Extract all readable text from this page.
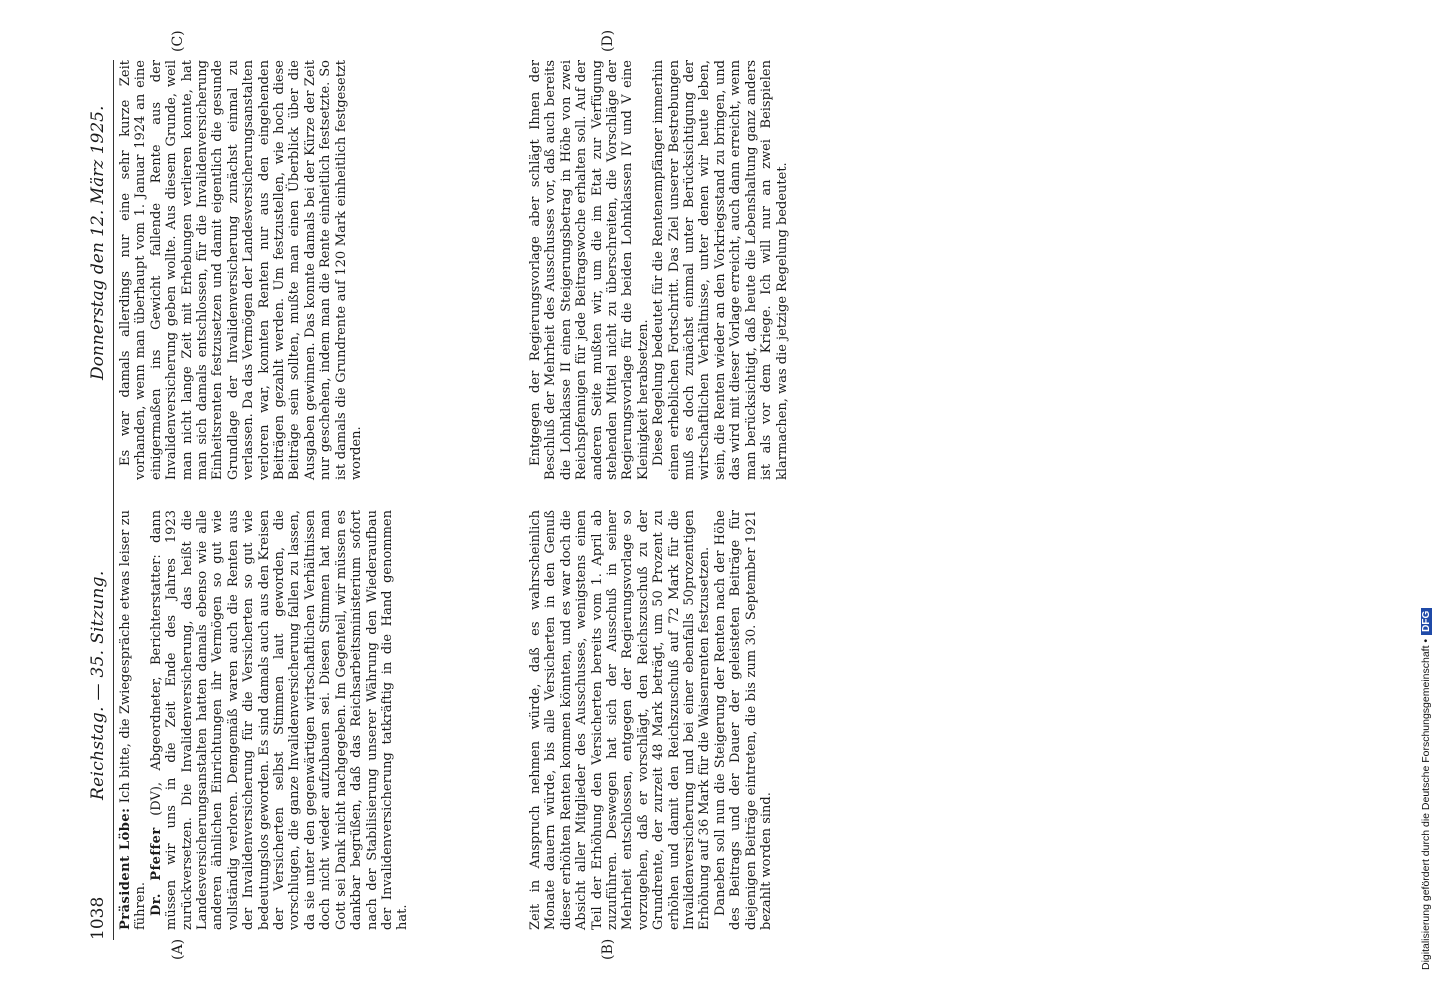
1038
Reichstag. — 35. Sitzung.
Donnerstag den 12. März 1925.
(A)	(B)
(C)	(D)

Präsident Löbe: Ich bitte, die Zwiegespräche etwas leiser zu führen. Dr. Pfeffer (DV), Abgeordneter, Berichterstatter: dann müssen wir uns in die Zeit Ende des Jahres 1923 zurückversetzen. Die Invalidenversicherung, das heißt die Landesversicherungsanstalten hatten damals ebenso wie alle anderen ähnlichen Einrichtungen ihr Vermögen so gut wie vollständig verloren. Demgemäß waren auch die Renten aus der Invalidenversicherung für die Versicherten so gut wie bedeutungslos geworden. Es sind damals auch aus den Kreisen der Versicherten selbst Stimmen laut geworden, die vorschlugen, die ganze Invalidenversicherung fallen zu lassen, da sie unter den gegenwärtigen wirtschaftlichen Verhältnissen doch nicht wieder aufzubauen sei. Diesen Stimmen hat man Gott sei Dank nicht nachgegeben. Im Gegenteil, wir müssen es dankbar begrüßen, daß das Reichsarbeitsministerium sofort nach der Stabilisierung unserer Währung den Wiederaufbau der Invalidenversicherung tatkräftig in die Hand genommen hat.

Es war damals allerdings nur eine sehr kurze Zeit vorhanden, wenn man überhaupt vom 1. Januar 1924 an eine einigermaßen ins Gewicht fallende Rente aus der Invalidenversicherung geben wollte. Aus diesem Grunde, weil man nicht lange Zeit mit Erhebungen verlieren konnte, hat man sich damals entschlossen, für die Invalidenversicherung Einheitsrenten festzusetzen und damit eigentlich die gesunde Grundlage der Invalidenversicherung zunächst einmal zu verlassen. Da das Vermögen der Landesversicherungsanstalten verloren war, konnten Renten nur aus den eingehenden Beiträgen gezahlt werden. Um festzustellen, wie hoch diese Beiträge sein sollten, mußte man einen Überblick über die Ausgaben gewinnen. Das konnte damals bei der Kürze der Zeit nur geschehen, indem man die Rente einheitlich festsetzte. So ist damals die Grundrente auf 120 Mark einheitlich festgesetzt worden.

Zeit in Anspruch nehmen würde, daß es wahrscheinlich Monate dauern würde, bis alle Versicherten in den Genuß dieser erhöhten Renten kommen könnten, und es war doch die Absicht aller Mitglieder des Ausschusses, wenigstens einen Teil der Erhöhung den Versicherten bereits vom 1. April ab zuzuführen. Deswegen hat sich der Ausschuß in seiner Mehrheit entschlossen, entgegen der Regierungsvorlage so vorzugehen, daß er vorschlägt, den Reichszuschuß zu der Grundrente, der zurzeit 48 Mark beträgt, um 50 Prozent zu erhöhen und damit den Reichszuschuß auf 72 Mark für die Invalidenversicherung und bei einer ebenfalls 50prozentigen Erhöhung auf 36 Mark für die Waisenrenten festzusetzen. Daneben soll nun die Steigerung der Renten nach der Höhe des Beitrags und der Dauer der geleisteten Beiträge für diejenigen Beiträge eintreten, die bis zum 30. September 1921 bezahlt worden sind.

Entgegen der Regierungsvorlage aber schlägt Ihnen der Beschluß der Mehrheit des Ausschusses vor, daß auch bereits die Lohnklasse II einen Steigerungsbetrag in Höhe von zwei Reichspfennigen für jede Beitragswoche erhalten soll. Auf der anderen Seite mußten wir, um die im Etat zur Verfügung stehenden Mittel nicht zu überschreiten, die Vorschläge der Regierungsvorlage für die beiden Lohnklassen IV und V eine Kleinigkeit herabsetzen. Diese Regelung bedeutet für die Rentenempfänger immerhin einen erheblichen Fortschritt. Das Ziel unserer Bestrebungen muß es doch zunächst einmal unter Berücksichtigung der wirtschaftlichen Verhältnisse, unter denen wir heute leben, sein, die Renten wieder an den Vorkriegsstand zu bringen, und das wird mit dieser Vorlage erreicht, auch dann erreicht, wenn man berücksichtigt, daß heute die Lebenshaltung ganz anders ist als vor dem Kriege. Ich will nur an zwei Beispielen klarmachen, was die jetzige Regelung bedeutet.

Digitalisierung gefördert durch die Deutsche Forschungsgemeinschaft •DFG
